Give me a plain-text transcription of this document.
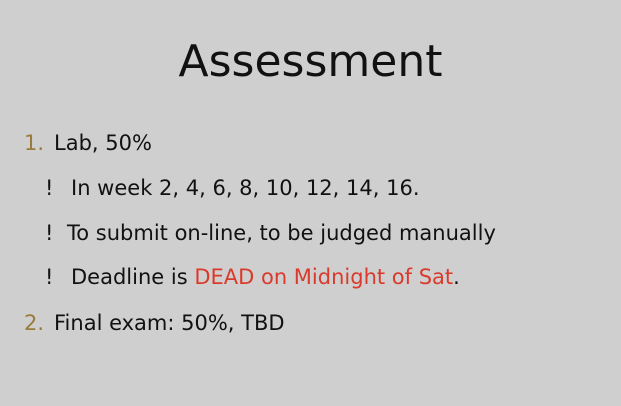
Assessment
1. Lab, 50%
! In week 2, 4, 6, 8, 10, 12, 14, 16.
! To submit on-line, to be judged manually
! Deadline is DEAD on Midnight of Sat.
2. Final exam: 50%, TBD
